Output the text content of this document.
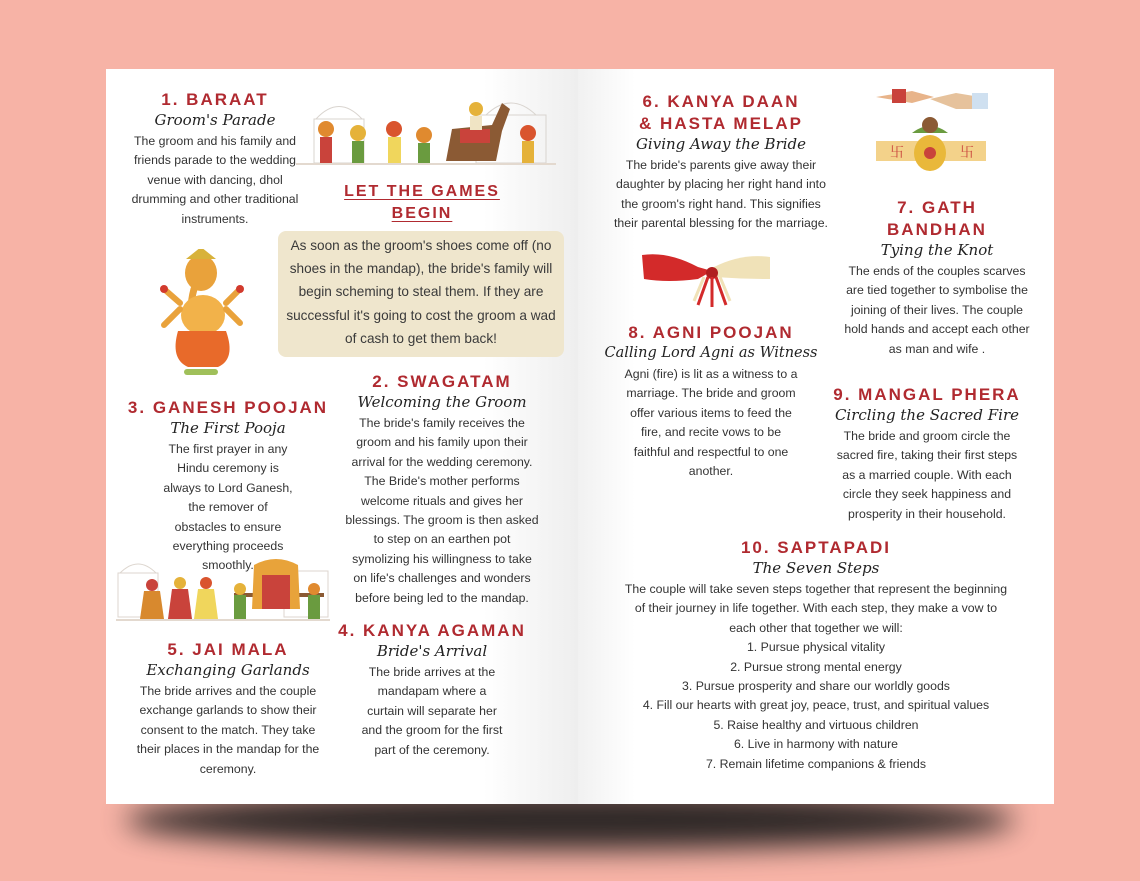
1. BARAAT
Groom's Parade
The groom and his family and friends parade to the wedding venue with dancing, dhol drumming and other traditional instruments.
LET THE GAMES BEGIN
As soon as the groom's shoes come off (no shoes in the mandap), the bride's family will begin scheming to steal them. If they are successful it's going to cost the groom a wad of cash to get them back!
3. GANESH POOJAN
The First Pooja
The first prayer in any Hindu ceremony is always to Lord Ganesh, the remover of obstacles to ensure everything proceeds smoothly.
2. SWAGATAM
Welcoming the Groom
The bride's family receives the groom and his family upon their arrival for the wedding ceremony. The Bride's mother performs welcome rituals and gives her blessings. The groom is then asked to step on an earthen pot symolizing his willingness to take on life's challenges and wonders before being led to the mandap.
5. JAI MALA
Exchanging Garlands
The bride arrives and the couple exchange garlands to show their consent to the match. They take their places in the mandap for the ceremony.
4. KANYA AGAMAN
Bride's Arrival
The bride arrives at the mandapam where a curtain will separate her and the groom for the first part of the ceremony.
6. KANYA DAAN
& HASTA MELAP
Giving Away the Bride
The bride's parents give away their daughter by placing her right hand into the groom's right hand. This signifies their parental blessing for the marriage.
卐	卐
7. GATH
BANDHAN
Tying the Knot
The ends of the couples scarves are tied together to symbolise the joining of their lives. The couple hold hands and accept each other as man and wife .
8. AGNI POOJAN
Calling Lord Agni as Witness
Agni (fire) is lit as a witness to a marriage. The bride and groom offer various items to feed the fire, and recite vows to be faithful and respectful to one another.
9. MANGAL PHERA
Circling the Sacred Fire
The bride and groom circle the sacred fire, taking their first steps as a married couple. With each circle they seek happiness and prosperity in their household.
10. SAPTAPADI
The Seven Steps
The couple will take seven steps together that represent the beginning of their journey in life together. With each step, they make a vow to each other that together we will:
1. Pursue physical vitality
2. Pursue strong mental energy
3. Pursue prosperity and share our worldly goods
4. Fill our hearts with great joy, peace, trust, and spiritual values
5. Raise healthy and virtuous children
6. Live in harmony with nature
7. Remain lifetime companions & friends
